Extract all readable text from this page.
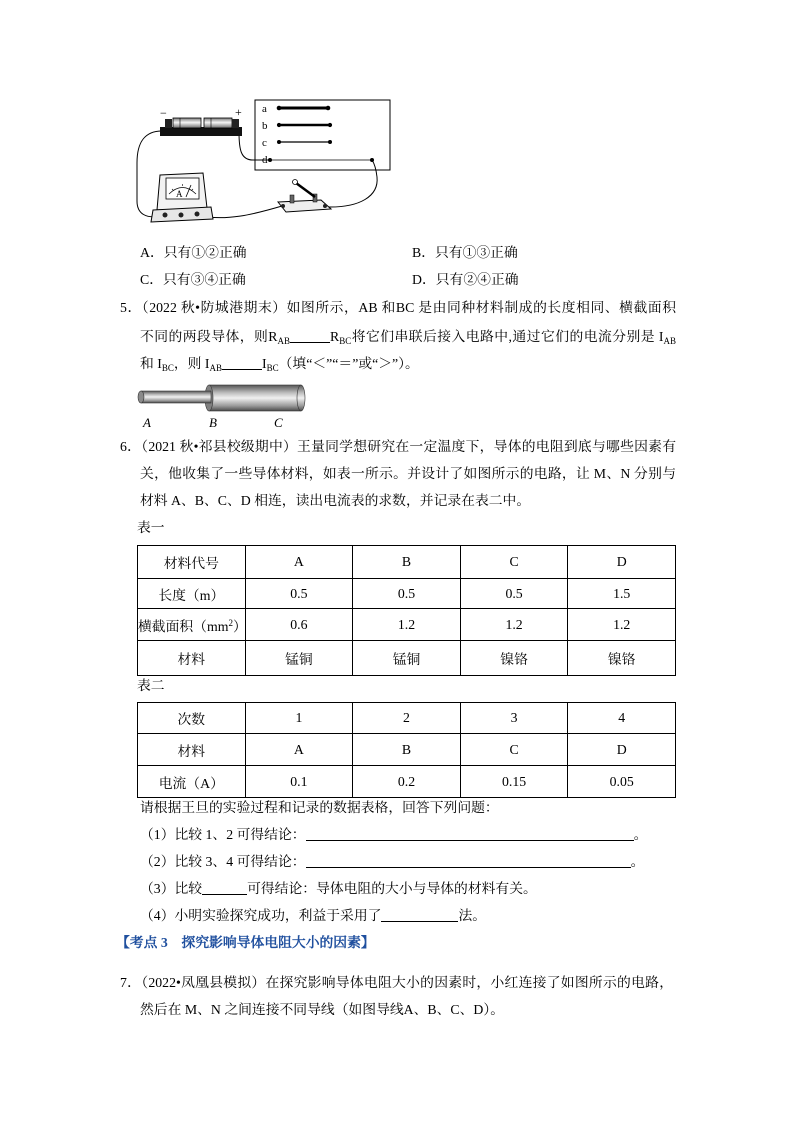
a
b
c
d
−	+
A
A．只有①②正确	B．只有①③正确
C．只有③④正确	D．只有②④正确
5．（2022 秋•防城港期末）如图所示，AB 和BC 是由同种材料制成的长度相同、横截面积
不同的两段导体，则$R_{AB}$	$R_{BC}$将它们串联后接入电路中,通过它们的电流分别是 $I_{AB}$
和 $I_{BC}$，则 $I_{AB}$	$I_{BC}$（填“＜”“＝”或“＞”）。
A	B	C
6．（2021 秋•祁县校级期中）王量同学想研究在一定温度下，导体的电阻到底与哪些因素有
关，他收集了一些导体材料，如表一所示。并设计了如图所示的电路，让 M、N 分别与
材料 A、B、C、D 相连，读出电流表的求数，并记录在表二中。
表一
材料代号	A	B	C	D
长度（m）	0.5	0.5	0.5	1.5
横截面积$(mm^2)$	0.6	1.2	1.2	1.2
材料	锰铜	锰铜	镍铬	镍铬
表二
次数	1	2	3	4
材料	A	B	C	D
电流（A）	0.1	0.2	0.15	0.05
请根据王旦的实验过程和记录的数据表格，回答下列问题：
（1）比较 1、2 可得结论：	。
（2）比较 3、4 可得结论：	。
（3）比较	可得结论：导体电阻的大小与导体的材料有关。
（4）小明实验探究成功，利益于采用了	法。
【考点 3　探究影响导体电阻大小的因素】
7．（2022•凤凰县模拟）在探究影响导体电阻大小的因素时，小红连接了如图所示的电路，
然后在 M、N 之间连接不同导线（如图导线A、B、C、D）。
